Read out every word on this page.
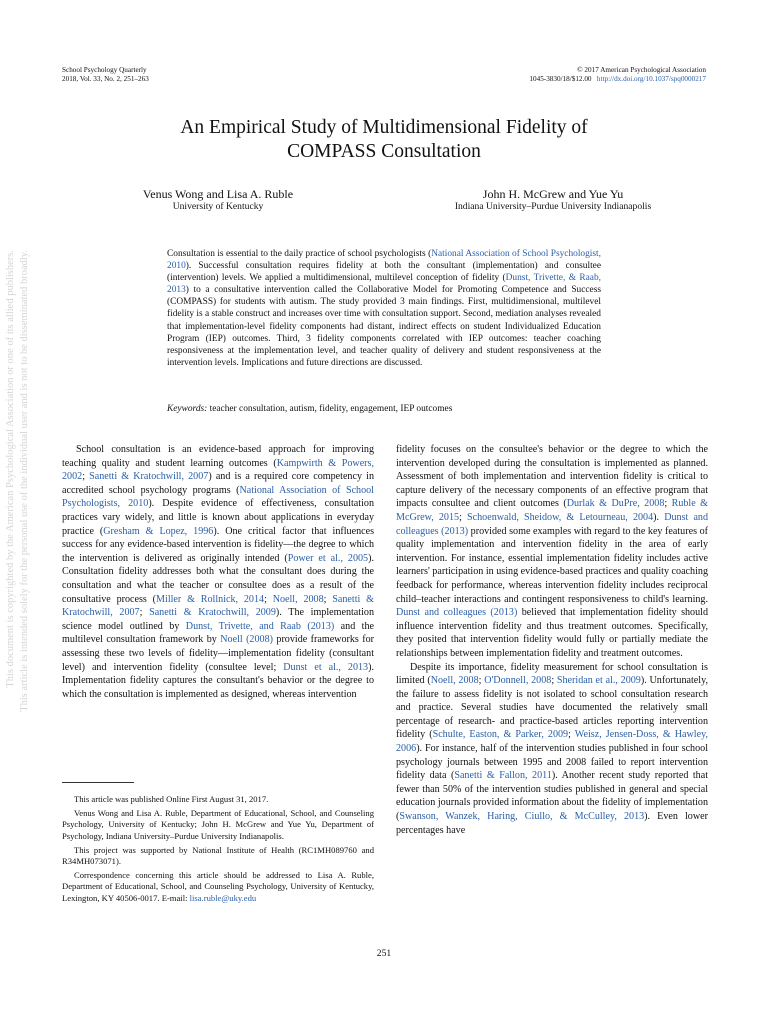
This document is copyrighted by the American Psychological Association or one of its allied publishers. This article is intended solely for the personal use of the individual user and is not to be disseminated broadly.
School Psychology Quarterly
2018, Vol. 33, No. 2, 251–263
© 2017 American Psychological Association
1045-3830/18/$12.00 http://dx.doi.org/10.1037/spq0000217
An Empirical Study of Multidimensional Fidelity of
COMPASS Consultation
Venus Wong and Lisa A. Ruble
University of Kentucky
John H. McGrew and Yue Yu
Indiana University–Purdue University Indianapolis
Consultation is essential to the daily practice of school psychologists (National Association of School Psychologist, 2010). Successful consultation requires fidelity at both the consultant (implementation) and consultee (intervention) levels. We applied a multidimensional, multilevel conception of fidelity (Dunst, Trivette, & Raab, 2013) to a consultative intervention called the Collaborative Model for Promoting Competence and Success (COMPASS) for students with autism. The study provided 3 main findings. First, multidimensional, multilevel fidelity is a stable construct and increases over time with consultation support. Second, mediation analyses revealed that implementation-level fidelity components had distant, indirect effects on student Individualized Education Program (IEP) outcomes. Third, 3 fidelity components correlated with IEP outcomes: teacher coaching responsiveness at the implementation level, and teacher quality of delivery and student responsiveness at the intervention levels. Implications and future directions are discussed.
Keywords: teacher consultation, autism, fidelity, engagement, IEP outcomes

School consultation is an evidence-based approach for improving teaching quality and student learning outcomes (Kampwirth & Powers, 2002; Sanetti & Kratochwill, 2007) and is a required core competency in accredited school psychology programs (National Association of School Psychologists, 2010). Despite evidence of effectiveness, consultation practices vary widely, and little is known about applications in everyday practice (Gresham & Lopez, 1996). One critical factor that influences success for any evidence-based intervention is fidelity—the degree to which the intervention is delivered as originally intended (Power et al., 2005). Consultation fidelity addresses both what the consultant does during the consultation and what the teacher or consultee does as a result of the consultative process (Miller & Rollnick, 2014; Noell, 2008; Sanetti & Kratochwill, 2007; Sanetti & Kratochwill, 2009). The implementation science model outlined by Dunst, Trivette, and Raab (2013) and the multilevel consultation framework by Noell (2008) provide frameworks for assessing these two levels of fidelity—implementation fidelity (consultant level) and intervention fidelity (consultee level; Dunst et al., 2013). Implementation fidelity captures the consultant's behavior or the degree to which the consultation is implemented as designed, whereas intervention

fidelity focuses on the consultee's behavior or the degree to which the intervention developed during the consultation is implemented as planned. Assessment of both implementation and intervention fidelity is critical to capture delivery of the necessary components of an effective program that impacts consultee and client outcomes (Durlak & DuPre, 2008; Ruble & McGrew, 2015; Schoenwald, Sheidow, & Letourneau, 2004). Dunst and colleagues (2013) provided some examples with regard to the key features of quality implementation and intervention fidelity in the area of early intervention. For instance, essential implementation fidelity includes active learners' participation in using evidence-based practices and quality coaching feedback for performance, whereas intervention fidelity includes reciprocal child–teacher interactions and contingent responsiveness to child's learning. Dunst and colleagues (2013) believed that implementation fidelity should influence intervention fidelity and thus treatment outcomes. Specifically, they posited that intervention fidelity would fully or partially mediate the relationships between implementation fidelity and treatment outcomes.

Despite its importance, fidelity measurement for school consultation is limited (Noell, 2008; O'Donnell, 2008; Sheridan et al., 2009). Unfortunately, the failure to assess fidelity is not isolated to school consultation research and practice. Several studies have documented the relatively small percentage of research- and practice-based articles reporting intervention fidelity (Schulte, Easton, & Parker, 2009; Weisz, Jensen-Doss, & Hawley, 2006). For instance, half of the intervention studies published in four school psychology journals between 1995 and 2008 failed to report intervention fidelity data (Sanetti & Fallon, 2011). Another recent study reported that fewer than 50% of the intervention studies published in general and special education journals provided information about the fidelity of implementation (Swanson, Wanzek, Haring, Ciullo, & McCulley, 2013). Even lower percentages have

This article was published Online First August 31, 2017.

Venus Wong and Lisa A. Ruble, Department of Educational, School, and Counseling Psychology, University of Kentucky; John H. McGrew and Yue Yu, Department of Psychology, Indiana University–Purdue University Indianapolis.

This project was supported by National Institute of Health (RC1MH089760 and R34MH073071).

Correspondence concerning this article should be addressed to Lisa A. Ruble, Department of Educational, School, and Counseling Psychology, University of Kentucky, Lexington, KY 40506-0017. E-mail: lisa.ruble@uky.edu

251
